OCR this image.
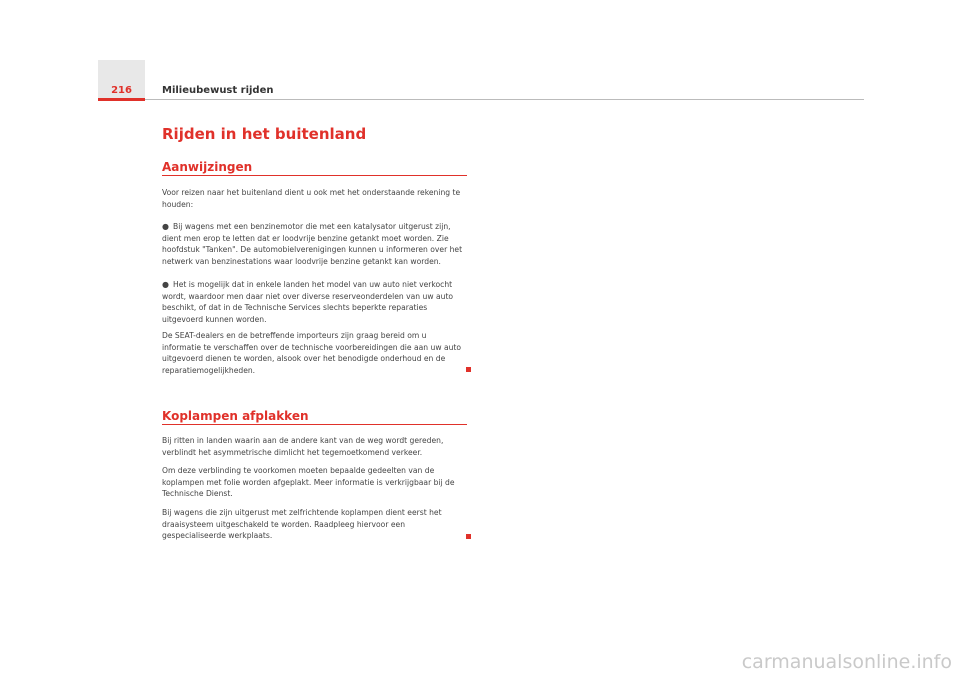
216	Milieubewust rijden
Rijden in het buitenland
Aanwijzingen

Voor reizen naar het buitenland dient u ook met het onderstaande rekening te houden:

● Bij wagens met een benzinemotor die met een katalysator uitgerust zijn, dient men erop te letten dat er loodvrije benzine getankt moet worden. Zie hoofdstuk "Tanken". De automobielverenigingen kunnen u informeren over het netwerk van benzinestations waar loodvrije benzine getankt kan worden.

● Het is mogelijk dat in enkele landen het model van uw auto niet verkocht wordt, waardoor men daar niet over diverse reserveonderdelen van uw auto beschikt, of dat in de Technische Services slechts beperkte reparaties uitgevoerd kunnen worden.

De SEAT-dealers en de betreffende importeurs zijn graag bereid om u informatie te verschaffen over de technische voorbereidingen die aan uw auto uitgevoerd dienen te worden, alsook over het benodigde onderhoud en de reparatiemogelijkheden.

Koplampen afplakken

Bij ritten in landen waarin aan de andere kant van de weg wordt gereden, verblindt het asymmetrische dimlicht het tegemoetkomend verkeer.

Om deze verblinding te voorkomen moeten bepaalde gedeelten van de koplampen met folie worden afgeplakt. Meer informatie is verkrijgbaar bij de Technische Dienst.

Bij wagens die zijn uitgerust met zelfrichtende koplampen dient eerst het draaisysteem uitgeschakeld te worden. Raadpleeg hiervoor een gespecialiseerde werkplaats.

carmanualsonline.info
